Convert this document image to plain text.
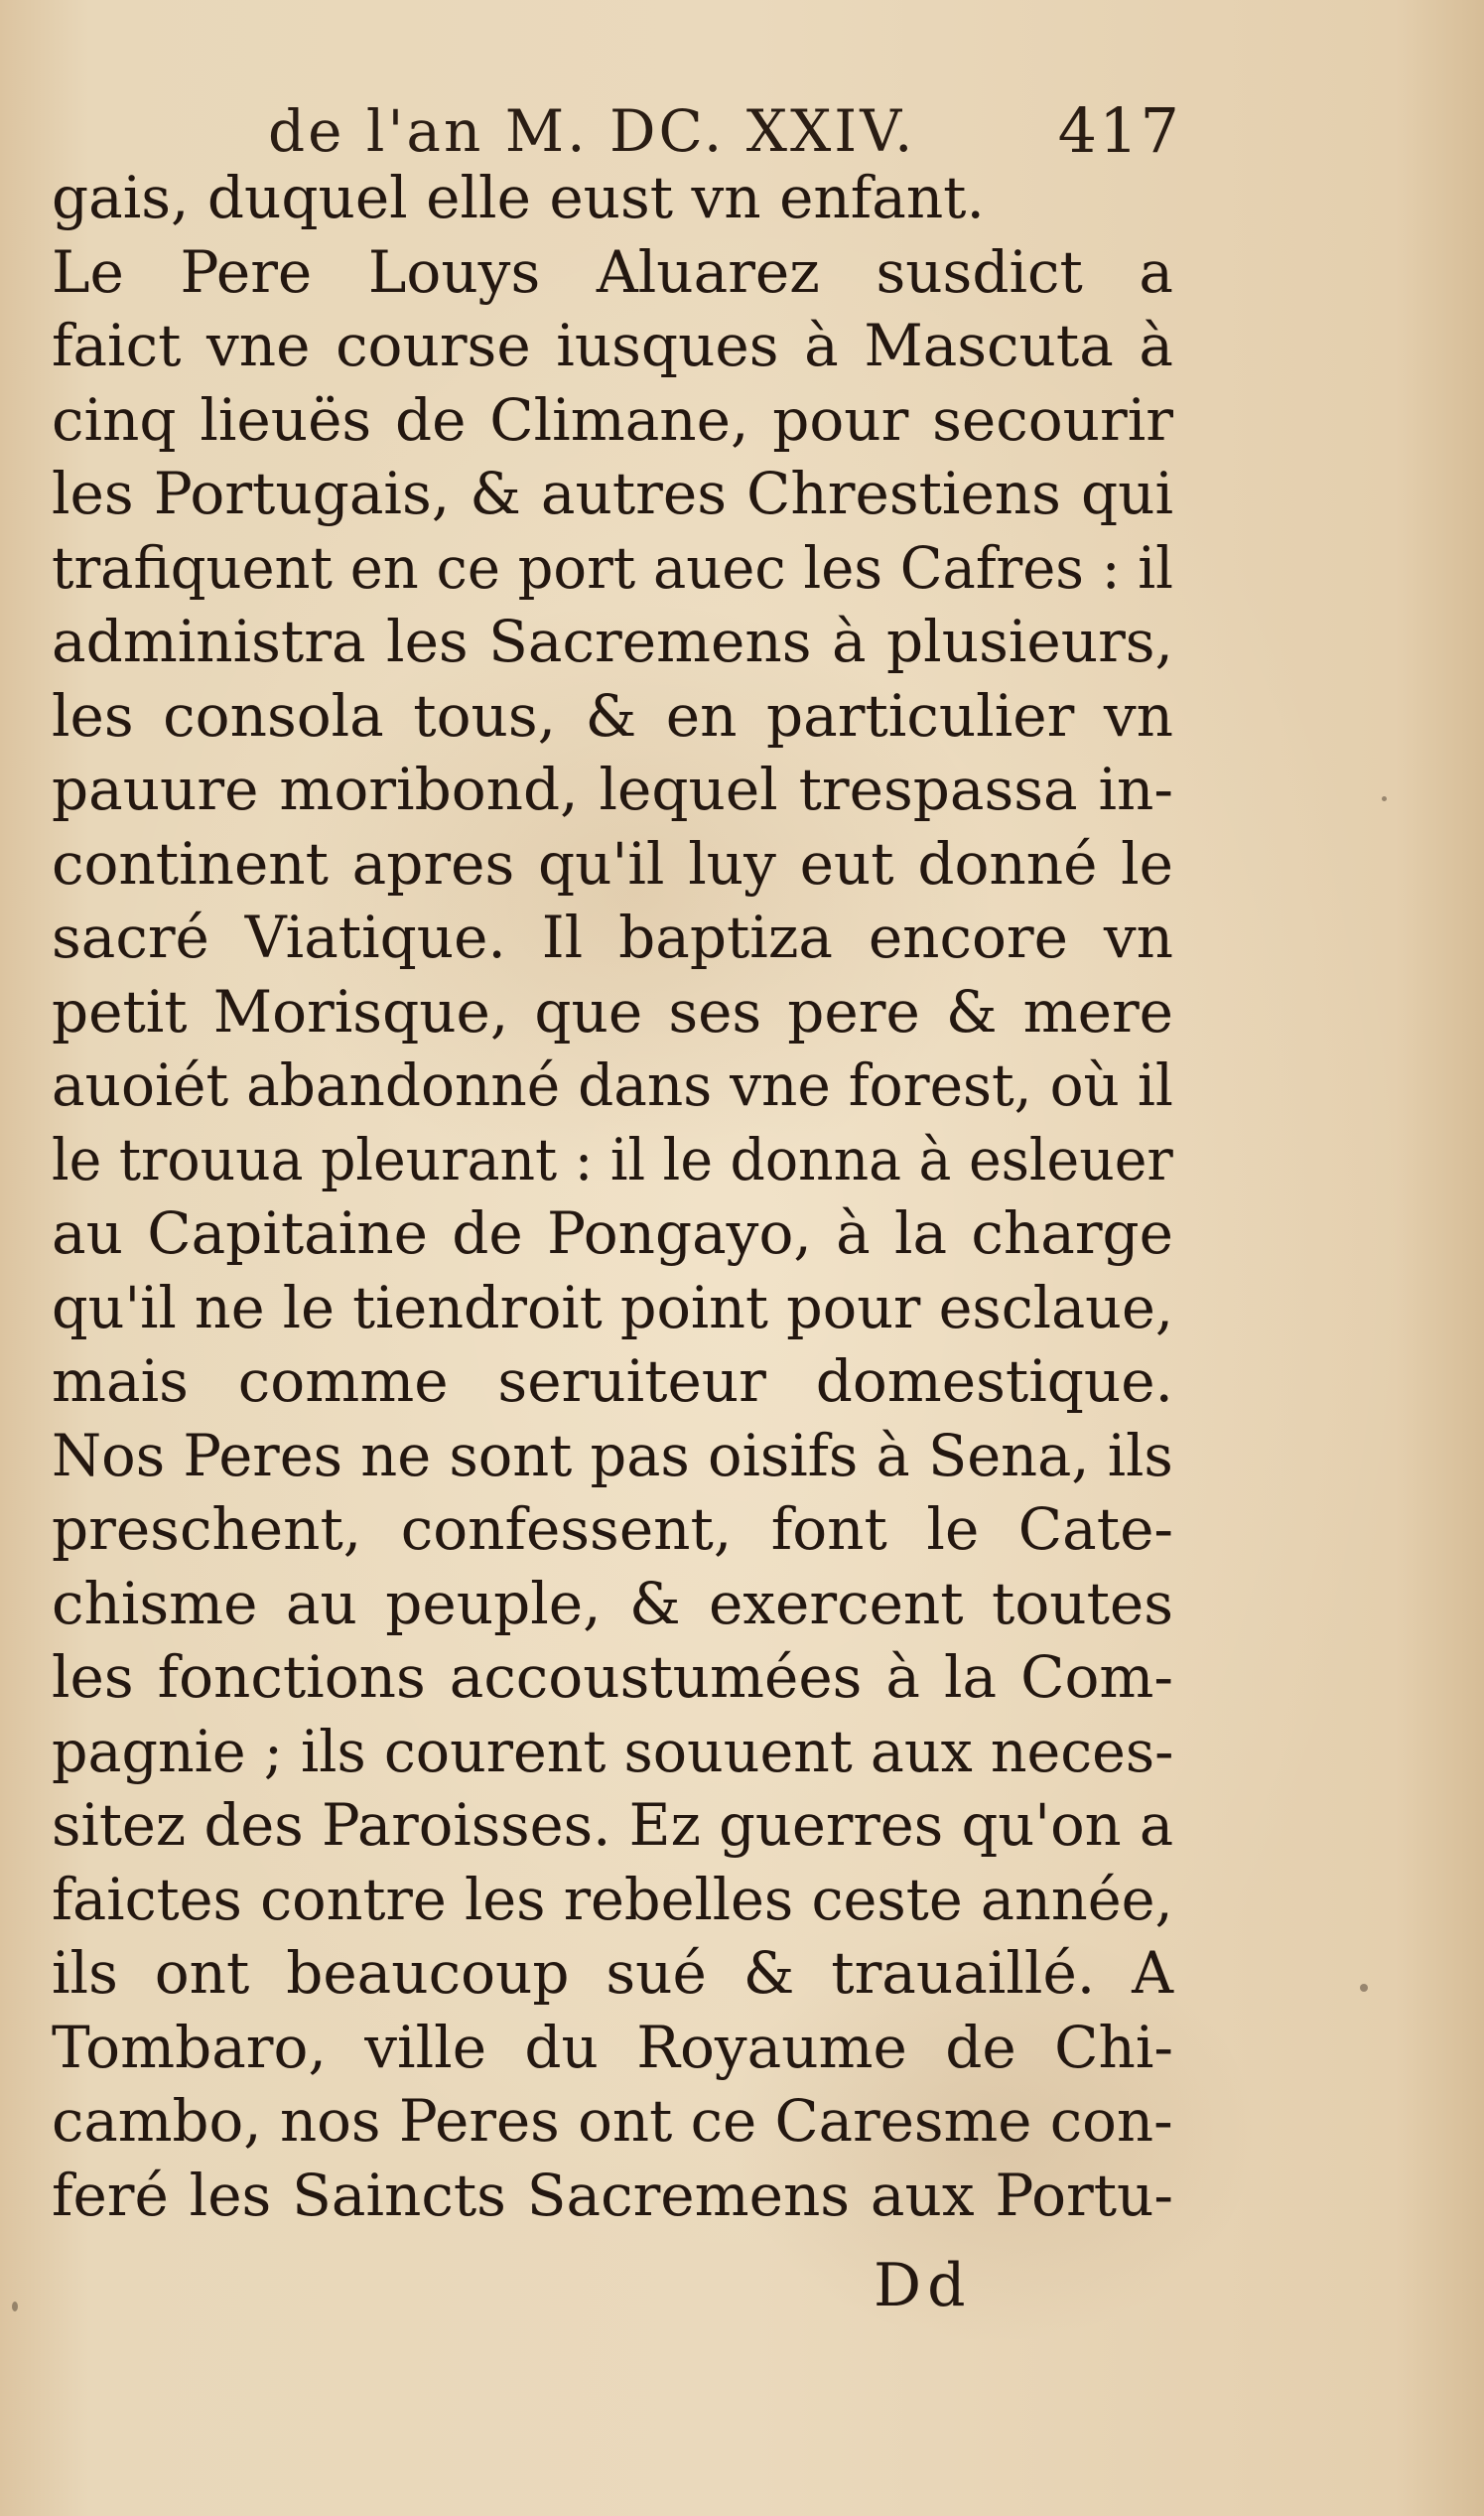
de l'an M. DC. XXIV. 417
gais, duquel elle eust vn enfant.
Le Pere Louys Aluarez susdict a
faict vne course iusques à Mascuta à
cinq lieuës de Climane, pour secourir
les Portugais, & autres Chrestiens qui
trafiquent en ce port auec les Cafres : il
administra les Sacremens à plusieurs,
les consola tous, & en particulier vn
pauure moribond, lequel trespassa in-
continent apres qu'il luy eut donné le
sacré Viatique. Il baptiza encore vn
petit Morisque, que ses pere & mere
auoiét abandonné dans vne forest, où il
le trouua pleurant : il le donna à esleuer
au Capitaine de Pongayo, à la charge
qu'il ne le tiendroit point pour esclaue,
mais comme seruiteur domestique.
Nos Peres ne sont pas oisifs à Sena, ils
preschent, confessent, font le Cate-
chisme au peuple, & exercent toutes
les fonctions accoustumées à la Com-
pagnie ; ils courent souuent aux neces-
sitez des Paroisses. Ez guerres qu'on a
faictes contre les rebelles ceste année,
ils ont beaucoup sué & trauaillé. A
Tombaro, ville du Royaume de Chi-
cambo, nos Peres ont ce Caresme con-
feré les Saincts Sacremens aux Portu-
Dd
